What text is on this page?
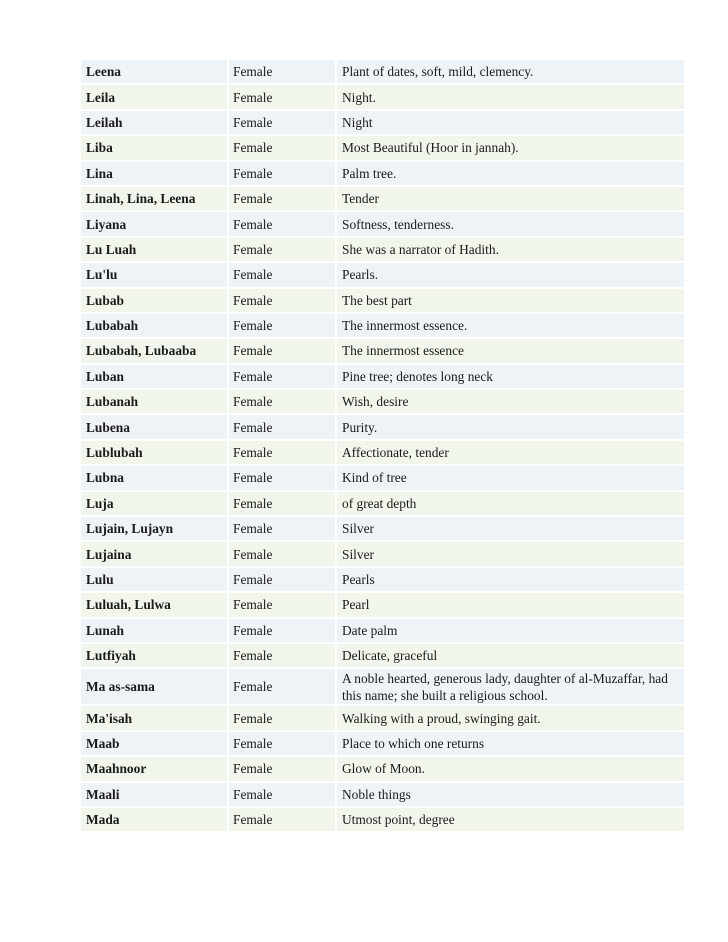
Leena	Female	Plant of dates, soft, mild, clemency.
Leila	Female	Night.
Leilah	Female	Night
Liba	Female	Most Beautiful (Hoor in jannah).
Lina	Female	Palm tree.
Linah, Lina, Leena	Female	Tender
Liyana	Female	Softness, tenderness.
Lu Luah	Female	She was a narrator of Hadith.
Lu'lu	Female	Pearls.
Lubab	Female	The best part
Lubabah	Female	The innermost essence.
Lubabah, Lubaaba	Female	The innermost essence
Luban	Female	Pine tree; denotes long neck
Lubanah	Female	Wish, desire
Lubena	Female	Purity.
Lublubah	Female	Affectionate, tender
Lubna	Female	Kind of tree
Luja	Female	of great depth
Lujain, Lujayn	Female	Silver
Lujaina	Female	Silver
Lulu	Female	Pearls
Luluah, Lulwa	Female	Pearl
Lunah	Female	Date palm
Lutfiyah	Female	Delicate, graceful
Ma as-sama	Female	A noble hearted, generous lady, daughter of al-Muzaffar, had this name; she built a religious school.
Ma'isah	Female	Walking with a proud, swinging gait.
Maab	Female	Place to which one returns
Maahnoor	Female	Glow of Moon.
Maali	Female	Noble things
Mada	Female	Utmost point, degree
